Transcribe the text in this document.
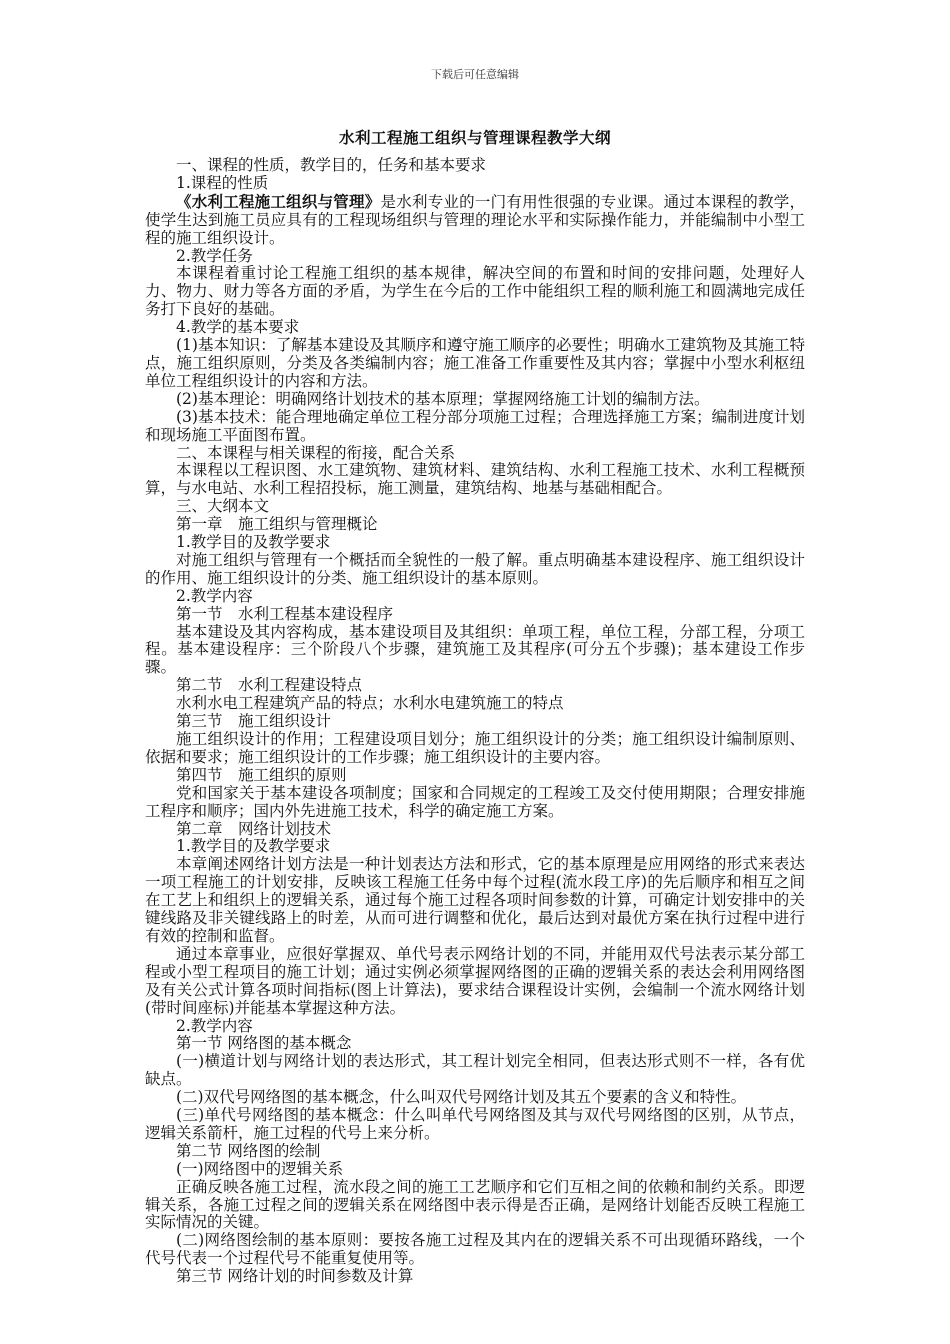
下载后可任意编辑
水利工程施工组织与管理课程教学大纲

一、课程的性质，教学目的，任务和基本要求

1.课程的性质

《水利工程施工组织与管理》是水利专业的一门有用性很强的专业课。通过本课程的教学，使学生达到施工员应具有的工程现场组织与管理的理论水平和实际操作能力，并能编制中小型工程的施工组织设计。

2.教学任务

本课程着重讨论工程施工组织的基本规律，解决空间的布置和时间的安排问题，处理好人力、物力、财力等各方面的矛盾，为学生在今后的工作中能组织工程的顺利施工和圆满地完成任务打下良好的基础。

4.教学的基本要求

(1)基本知识：了解基本建设及其顺序和遵守施工顺序的必要性；明确水工建筑物及其施工特点，施工组织原则，分类及各类编制内容；施工准备工作重要性及其内容；掌握中小型水利枢纽单位工程组织设计的内容和方法。

(2)基本理论：明确网络计划技术的基本原理；掌握网络施工计划的编制方法。

(3)基本技术：能合理地确定单位工程分部分项施工过程；合理选择施工方案；编制进度计划和现场施工平面图布置。

二、本课程与相关课程的衔接，配合关系

本课程以工程识图、水工建筑物、建筑材料、建筑结构、水利工程施工技术、水利工程概预算，与水电站、水利工程招投标，施工测量，建筑结构、地基与基础相配合。

三、大纲本文

第一章　施工组织与管理概论

1.教学目的及教学要求

对施工组织与管理有一个概括而全貌性的一般了解。重点明确基本建设程序、施工组织设计的作用、施工组织设计的分类、施工组织设计的基本原则。

2.教学内容

第一节　水利工程基本建设程序

基本建设及其内容构成，基本建设项目及其组织：单项工程，单位工程，分部工程，分项工程。基本建设程序：三个阶段八个步骤，建筑施工及其程序(可分五个步骤)；基本建设工作步骤。

第二节　水利工程建设特点

水利水电工程建筑产品的特点；水利水电建筑施工的特点

第三节　施工组织设计

施工组织设计的作用；工程建设项目划分；施工组织设计的分类；施工组织设计编制原则、依据和要求；施工组织设计的工作步骤；施工组织设计的主要内容。

第四节　施工组织的原则

党和国家关于基本建设各项制度；国家和合同规定的工程竣工及交付使用期限；合理安排施工程序和顺序；国内外先进施工技术，科学的确定施工方案。

第二章　网络计划技术

1.教学目的及教学要求

本章阐述网络计划方法是一种计划表达方法和形式，它的基本原理是应用网络的形式来表达一项工程施工的计划安排，反映该工程施工任务中每个过程(流水段工序)的先后顺序和相互之间在工艺上和组织上的逻辑关系，通过每个施工过程各项时间参数的计算，可确定计划安排中的关键线路及非关键线路上的时差，从而可进行调整和优化，最后达到对最优方案在执行过程中进行有效的控制和监督。

通过本章事业，应很好掌握双、单代号表示网络计划的不同，并能用双代号法表示某分部工程或小型工程项目的施工计划；通过实例必须掌握网络图的正确的逻辑关系的表达会利用网络图及有关公式计算各项时间指标(图上计算法)，要求结合课程设计实例，会编制一个流水网络计划(带时间座标)并能基本掌握这种方法。

2.教学内容

第一节 网络图的基本概念

(一)横道计划与网络计划的表达形式，其工程计划完全相同，但表达形式则不一样，各有优缺点。

(二)双代号网络图的基本概念，什么叫双代号网络计划及其五个要素的含义和特性。

(三)单代号网络图的基本概念：什么叫单代号网络图及其与双代号网络图的区别，从节点，逻辑关系箭杆，施工过程的代号上来分析。

第二节 网络图的绘制

(一)网络图中的逻辑关系

正确反映各施工过程，流水段之间的施工工艺顺序和它们互相之间的依赖和制约关系。即逻辑关系，各施工过程之间的逻辑关系在网络图中表示得是否正确，是网络计划能否反映工程施工实际情况的关键。

(二)网络图绘制的基本原则：要按各施工过程及其内在的逻辑关系不可出现循环路线，一个代号代表一个过程代号不能重复使用等。

第三节 网络计划的时间参数及计算
